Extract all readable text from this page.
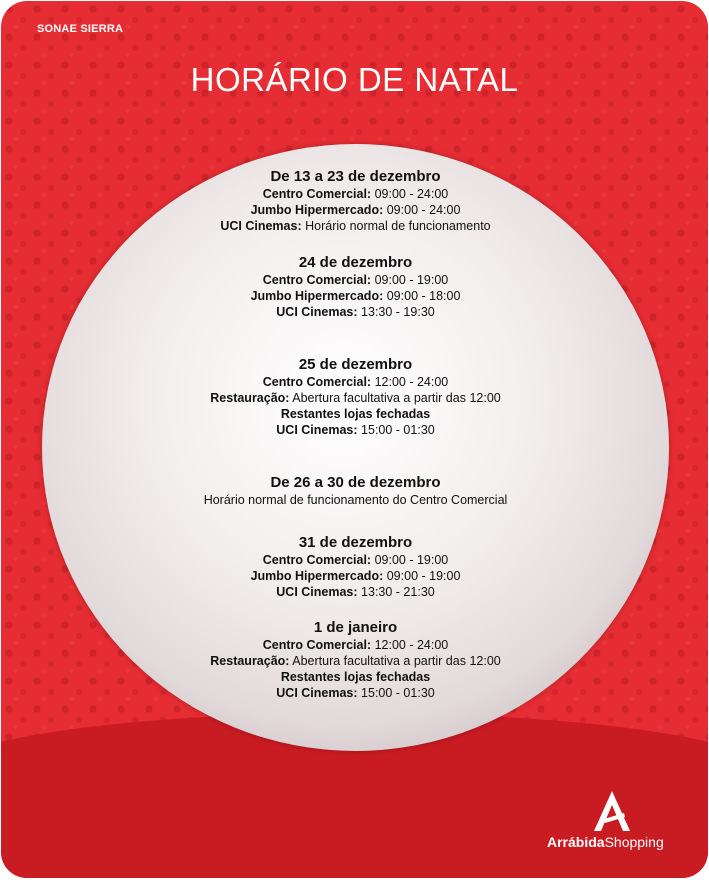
SONAE SIERRA
HORÁRIO DE NATAL
De 13 a 23 de dezembro
Centro Comercial: 09:00 - 24:00
Jumbo Hipermercado: 09:00 - 24:00
UCI Cinemas: Horário normal de funcionamento
24 de dezembro
Centro Comercial: 09:00 - 19:00
Jumbo Hipermercado: 09:00 - 18:00
UCI Cinemas: 13:30 - 19:30
25 de dezembro
Centro Comercial: 12:00 - 24:00
Restauração: Abertura facultativa a partir das 12:00
Restantes lojas fechadas
UCI Cinemas: 15:00 - 01:30
De 26 a 30 de dezembro
Horário normal de funcionamento do Centro Comercial
31 de dezembro
Centro Comercial: 09:00 - 19:00
Jumbo Hipermercado: 09:00 - 19:00
UCI Cinemas: 13:30 - 21:30
1 de janeiro
Centro Comercial: 12:00 - 24:00
Restauração: Abertura facultativa a partir das 12:00
Restantes lojas fechadas
UCI Cinemas: 15:00 - 01:30
ArrábidaShopping
